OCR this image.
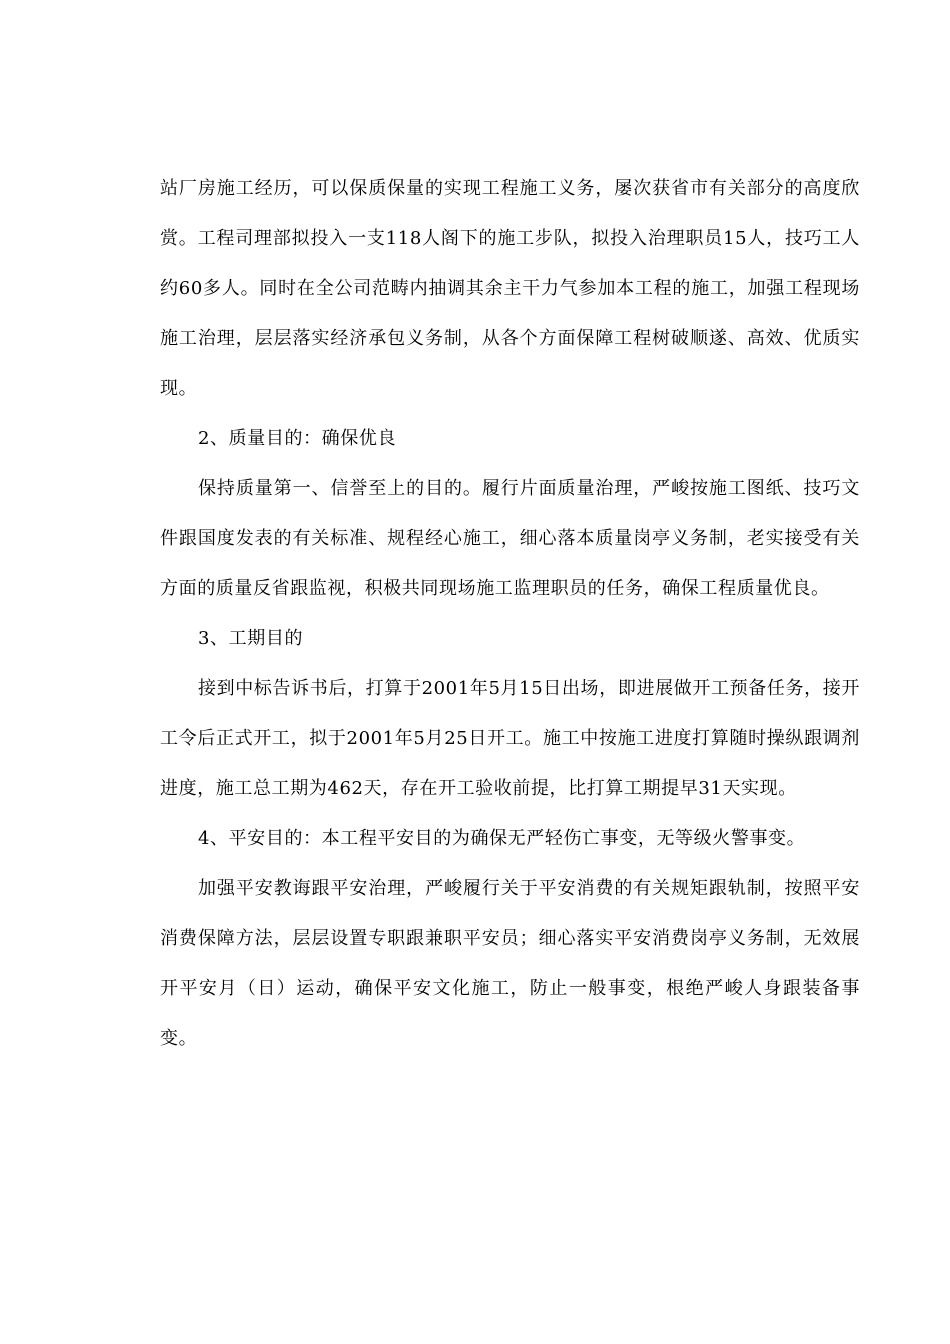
站厂房施工经历，可以保质保量的实现工程施工义务，屡次获省市有关部分的高度欣赏。工程司理部拟投入一支118人阁下的施工步队，拟投入治理职员15人，技巧工人约60多人。同时在全公司范畴内抽调其余主干力气参加本工程的施工，加强工程现场施工治理，层层落实经济承包义务制，从各个方面保障工程树破顺遂、高效、优质实现。

2、质量目的：确保优良

保持质量第一、信誉至上的目的。履行片面质量治理，严峻按施工图纸、技巧文件跟国度发表的有关标准、规程经心施工，细心落本质量岗亭义务制，老实接受有关方面的质量反省跟监视，积极共同现场施工监理职员的任务，确保工程质量优良。

3、工期目的

接到中标告诉书后，打算于2001年5月15日出场，即进展做开工预备任务，接开工令后正式开工，拟于2001年5月25日开工。施工中按施工进度打算随时操纵跟调剂进度，施工总工期为462天，存在开工验收前提，比打算工期提早31天实现。

4、平安目的：本工程平安目的为确保无严轻伤亡事变，无等级火警事变。

加强平安教诲跟平安治理，严峻履行关于平安消费的有关规矩跟轨制，按照平安消费保障方法，层层设置专职跟兼职平安员；细心落实平安消费岗亭义务制，无效展开平安月（日）运动，确保平安文化施工，防止一般事变，根绝严峻人身跟装备事变。
